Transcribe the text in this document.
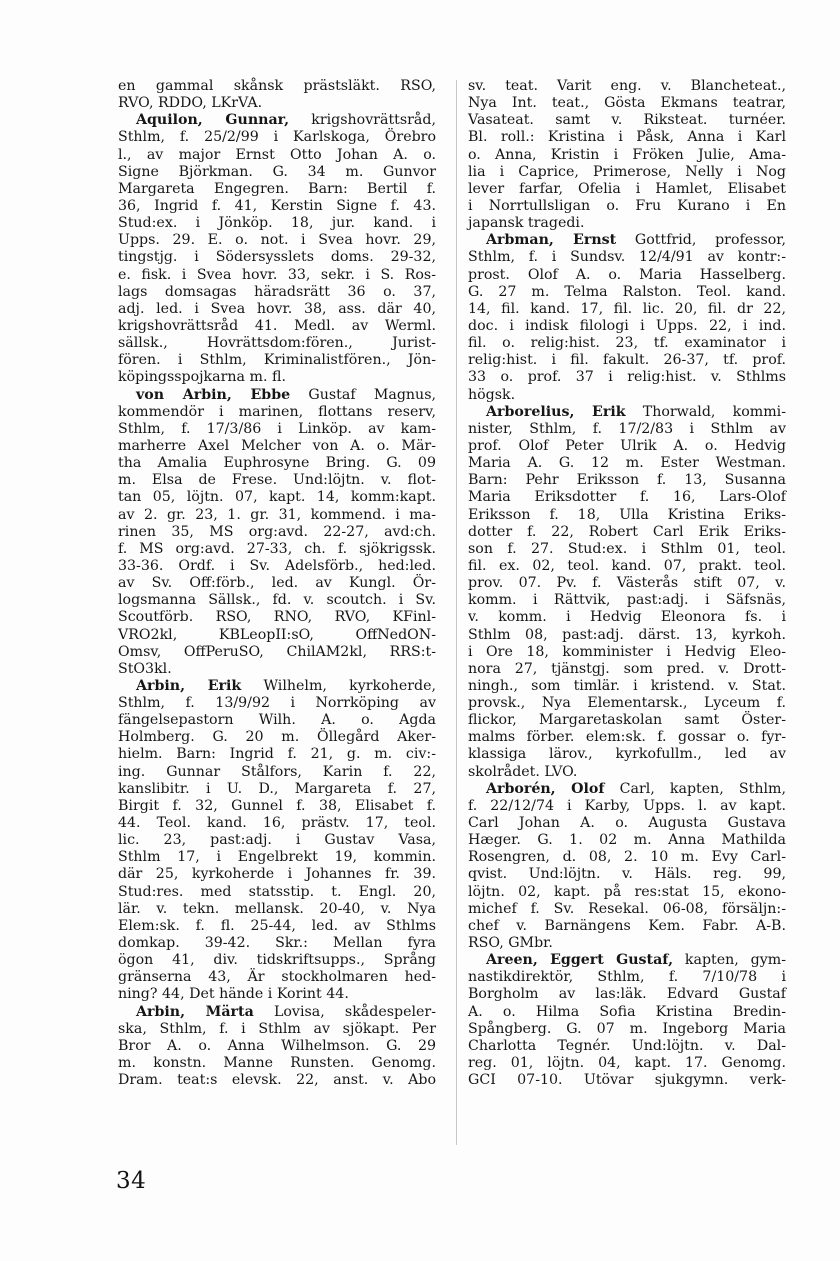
en gammal skånsk prästsläkt. RSO,
RVO, RDDO, LKrVA.
Aquilon, Gunnar, krigshovrättsråd,
Sthlm, f. 25/2/99 i Karlskoga, Örebro
l., av major Ernst Otto Johan A. o.
Signe Björkman. G. 34 m. Gunvor
Margareta Engegren. Barn: Bertil f.
36, Ingrid f. 41, Kerstin Signe f. 43.
Stud:ex. i Jönköp. 18, jur. kand. i
Upps. 29. E. o. not. i Svea hovr. 29,
tingstjg. i Södersysslets doms. 29-32,
e. fisk. i Svea hovr. 33, sekr. i S. Ros-
lags domsagas häradsrätt 36 o. 37,
adj. led. i Svea hovr. 38, ass. där 40,
krigshovrättsråd 41. Medl. av Werml.
sällsk., Hovrättsdom:fören., Jurist-
fören. i Sthlm, Kriminalistfören., Jön-
köpingsspojkarna m. fl.
von Arbin, Ebbe Gustaf Magnus,
kommendör i marinen, flottans reserv,
Sthlm, f. 17/3/86 i Linköp. av kam-
marherre Axel Melcher von A. o. Mär-
tha Amalia Euphrosyne Bring. G. 09
m. Elsa de Frese. Und:löjtn. v. flot-
tan 05, löjtn. 07, kapt. 14, komm:kapt.
av 2. gr. 23, 1. gr. 31, kommend. i ma-
rinen 35, MS org:avd. 22-27, avd:ch.
f. MS org:avd. 27-33, ch. f. sjökrigssk.
33-36. Ordf. i Sv. Adelsförb., hed:led.
av Sv. Off:förb., led. av Kungl. Ör-
logsmanna Sällsk., fd. v. scoutch. i Sv.
Scoutförb. RSO, RNO, RVO, KFinl-
VRO2kl, KBLeopII:sO, OffNedON-
Omsv, OffPeruSO, ChilAM2kl, RRS:t-
StO3kl.
Arbin, Erik Wilhelm, kyrkoherde,
Sthlm, f. 13/9/92 i Norrköping av
fängelsepastorn Wilh. A. o. Agda
Holmberg. G. 20 m. Öllegård Aker-
hielm. Barn: Ingrid f. 21, g. m. civ:-
ing. Gunnar Stålfors, Karin f. 22,
kanslibitr. i U. D., Margareta f. 27,
Birgit f. 32, Gunnel f. 38, Elisabet f.
44. Teol. kand. 16, prästv. 17, teol.
lic. 23, past:adj. i Gustav Vasa,
Sthlm 17, i Engelbrekt 19, kommin.
där 25, kyrkoherde i Johannes fr. 39.
Stud:res. med statsstip. t. Engl. 20,
lär. v. tekn. mellansk. 20-40, v. Nya
Elem:sk. f. fl. 25-44, led. av Sthlms
domkap. 39-42. Skr.: Mellan fyra
ögon 41, div. tidskriftsupps., Språng
gränserna 43, Är stockholmaren hed-
ning? 44, Det hände i Korint 44.
Arbin, Märta Lovisa, skådespeler-
ska, Sthlm, f. i Sthlm av sjökapt. Per
Bror A. o. Anna Wilhelmson. G. 29
m. konstn. Manne Runsten. Genomg.
Dram. teat:s elevsk. 22, anst. v. Abo
sv. teat. Varit eng. v. Blancheteat.,
Nya Int. teat., Gösta Ekmans teatrar,
Vasateat. samt v. Riksteat. turnéer.
Bl. roll.: Kristina i Påsk, Anna i Karl
o. Anna, Kristin i Fröken Julie, Ama-
lia i Caprice, Primerose, Nelly i Nog
lever farfar, Ofelia i Hamlet, Elisabet
i Norrtullsligan o. Fru Kurano i En
japansk tragedi.
Arbman, Ernst Gottfrid, professor,
Sthlm, f. i Sundsv. 12/4/91 av kontr:-
prost. Olof A. o. Maria Hasselberg.
G. 27 m. Telma Ralston. Teol. kand.
14, fil. kand. 17, fil. lic. 20, fil. dr 22,
doc. i indisk filologi i Upps. 22, i ind.
fil. o. relig:hist. 23, tf. examinator i
relig:hist. i fil. fakult. 26-37, tf. prof.
33 o. prof. 37 i relig:hist. v. Sthlms
högsk.
Arborelius, Erik Thorwald, kommi-
nister, Sthlm, f. 17/2/83 i Sthlm av
prof. Olof Peter Ulrik A. o. Hedvig
Maria A. G. 12 m. Ester Westman.
Barn: Pehr Eriksson f. 13, Susanna
Maria Eriksdotter f. 16, Lars-Olof
Eriksson f. 18, Ulla Kristina Eriks-
dotter f. 22, Robert Carl Erik Eriks-
son f. 27. Stud:ex. i Sthlm 01, teol.
fil. ex. 02, teol. kand. 07, prakt. teol.
prov. 07. Pv. f. Västerås stift 07, v.
komm. i Rättvik, past:adj. i Säfsnäs,
v. komm. i Hedvig Eleonora fs. i
Sthlm 08, past:adj. därst. 13, kyrkoh.
i Ore 18, komminister i Hedvig Eleo-
nora 27, tjänstgj. som pred. v. Drott-
ningh., som timlär. i kristend. v. Stat.
provsk., Nya Elementarsk., Lyceum f.
flickor, Margaretaskolan samt Öster-
malms förber. elem:sk. f. gossar o. fyr-
klassiga lärov., kyrkofullm., led av
skolrådet. LVO.
Arborén, Olof Carl, kapten, Sthlm,
f. 22/12/74 i Karby, Upps. l. av kapt.
Carl Johan A. o. Augusta Gustava
Hæger. G. 1. 02 m. Anna Mathilda
Rosengren, d. 08, 2. 10 m. Evy Carl-
qvist. Und:löjtn. v. Häls. reg. 99,
löjtn. 02, kapt. på res:stat 15, ekono-
michef f. Sv. Resekal. 06-08, försäljn:-
chef v. Barnängens Kem. Fabr. A-B.
RSO, GMbr.
Areen, Eggert Gustaf, kapten, gym-
nastikdirektör, Sthlm, f. 7/10/78 i
Borgholm av las:läk. Edvard Gustaf
A. o. Hilma Sofia Kristina Bredin-
Spångberg. G. 07 m. Ingeborg Maria
Charlotta Tegnér. Und:löjtn. v. Dal-
reg. 01, löjtn. 04, kapt. 17. Genomg.
GCI 07-10. Utövar sjukgymn. verk-
34
